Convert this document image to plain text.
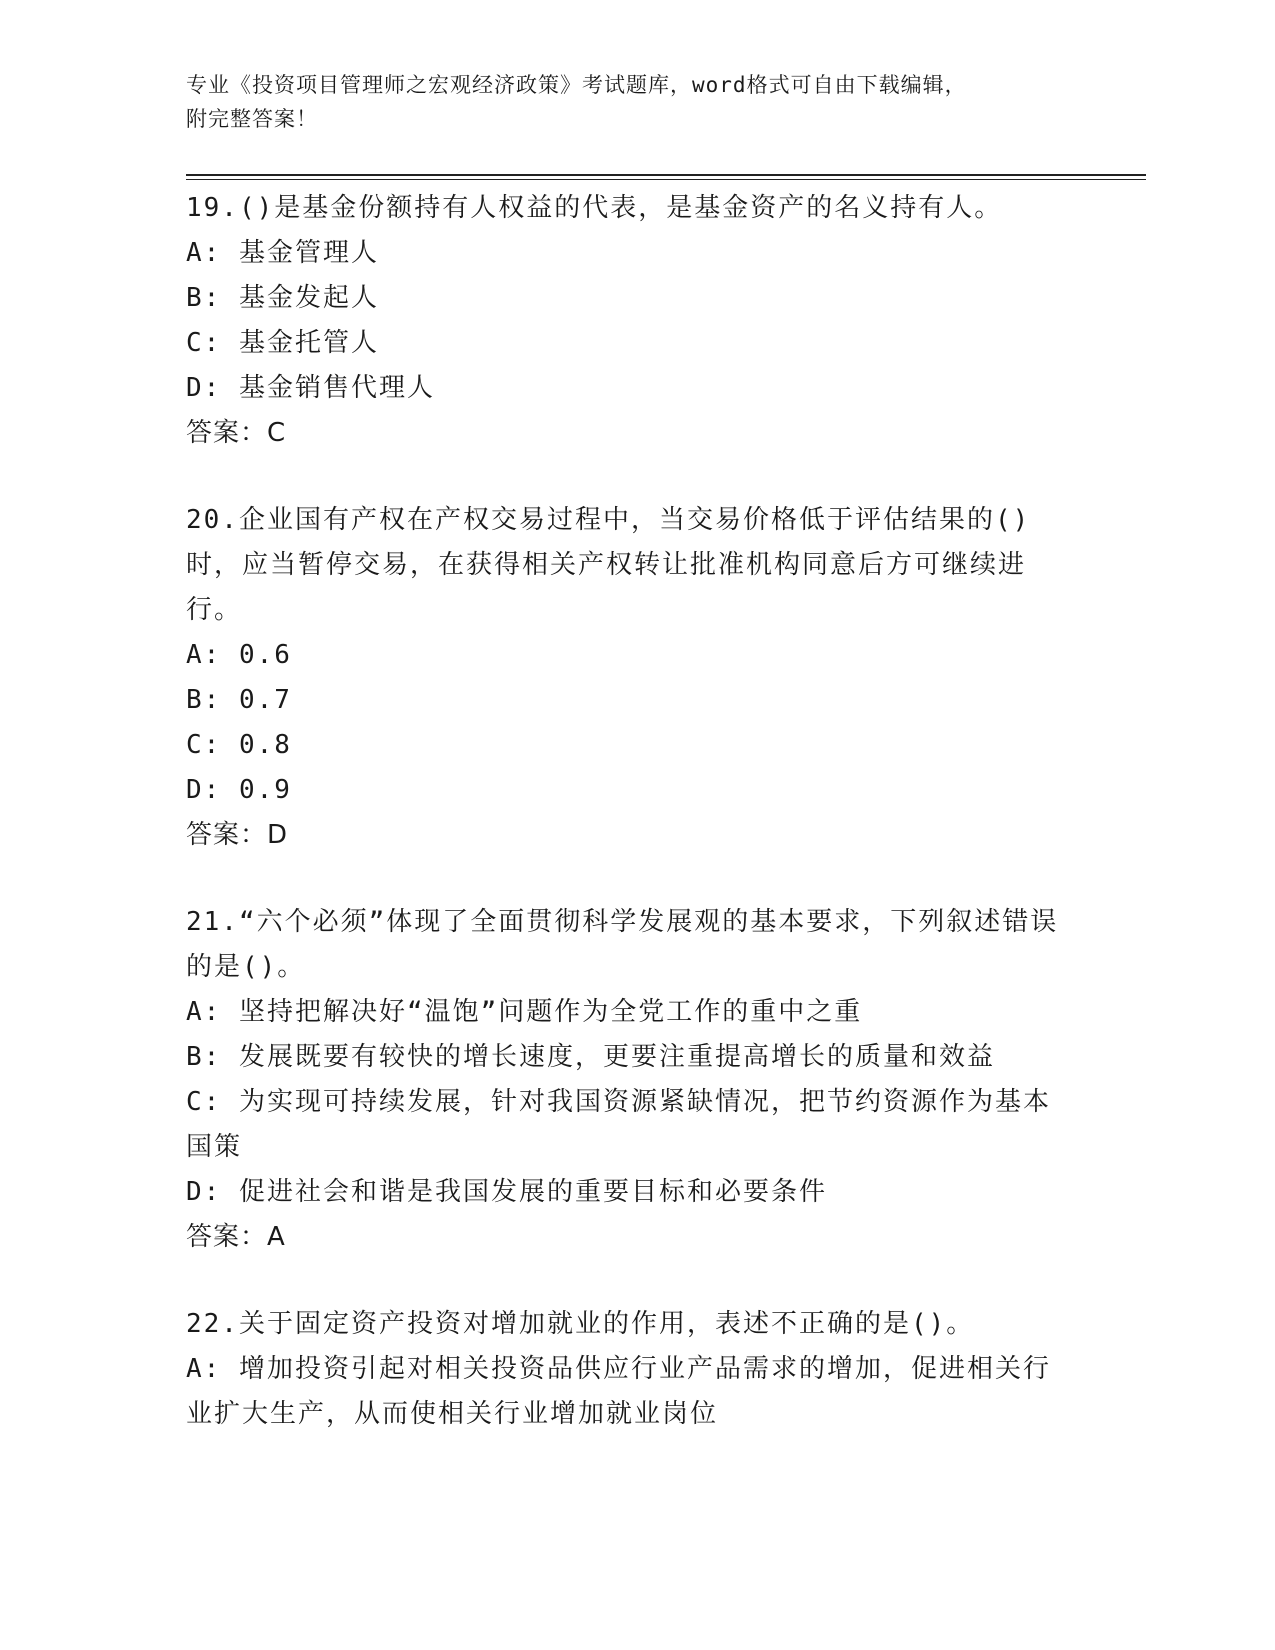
专业《投资项目管理师之宏观经济政策》考试题库，word格式可自由下载编辑，

附完整答案！

19.()是基金份额持有人权益的代表，是基金资产的名义持有人。

A: 基金管理人

B: 基金发起人

C: 基金托管人

D: 基金销售代理人

答案：C

20.企业国有产权在产权交易过程中，当交易价格低于评估结果的()时，应当暂停交易，在获得相关产权转让批准机构同意后方可继续进行。

A: 0.6

B: 0.7

C: 0.8

D: 0.9

答案：D

21.“六个必须”体现了全面贯彻科学发展观的基本要求，下列叙述错误的是()。

A: 坚持把解决好“温饱”问题作为全党工作的重中之重

B: 发展既要有较快的增长速度，更要注重提高增长的质量和效益

C: 为实现可持续发展，针对我国资源紧缺情况，把节约资源作为基本国策

D: 促进社会和谐是我国发展的重要目标和必要条件

答案：A

22.关于固定资产投资对增加就业的作用，表述不正确的是()。

A: 增加投资引起对相关投资品供应行业产品需求的增加，促进相关行业扩大生产，从而使相关行业增加就业岗位
